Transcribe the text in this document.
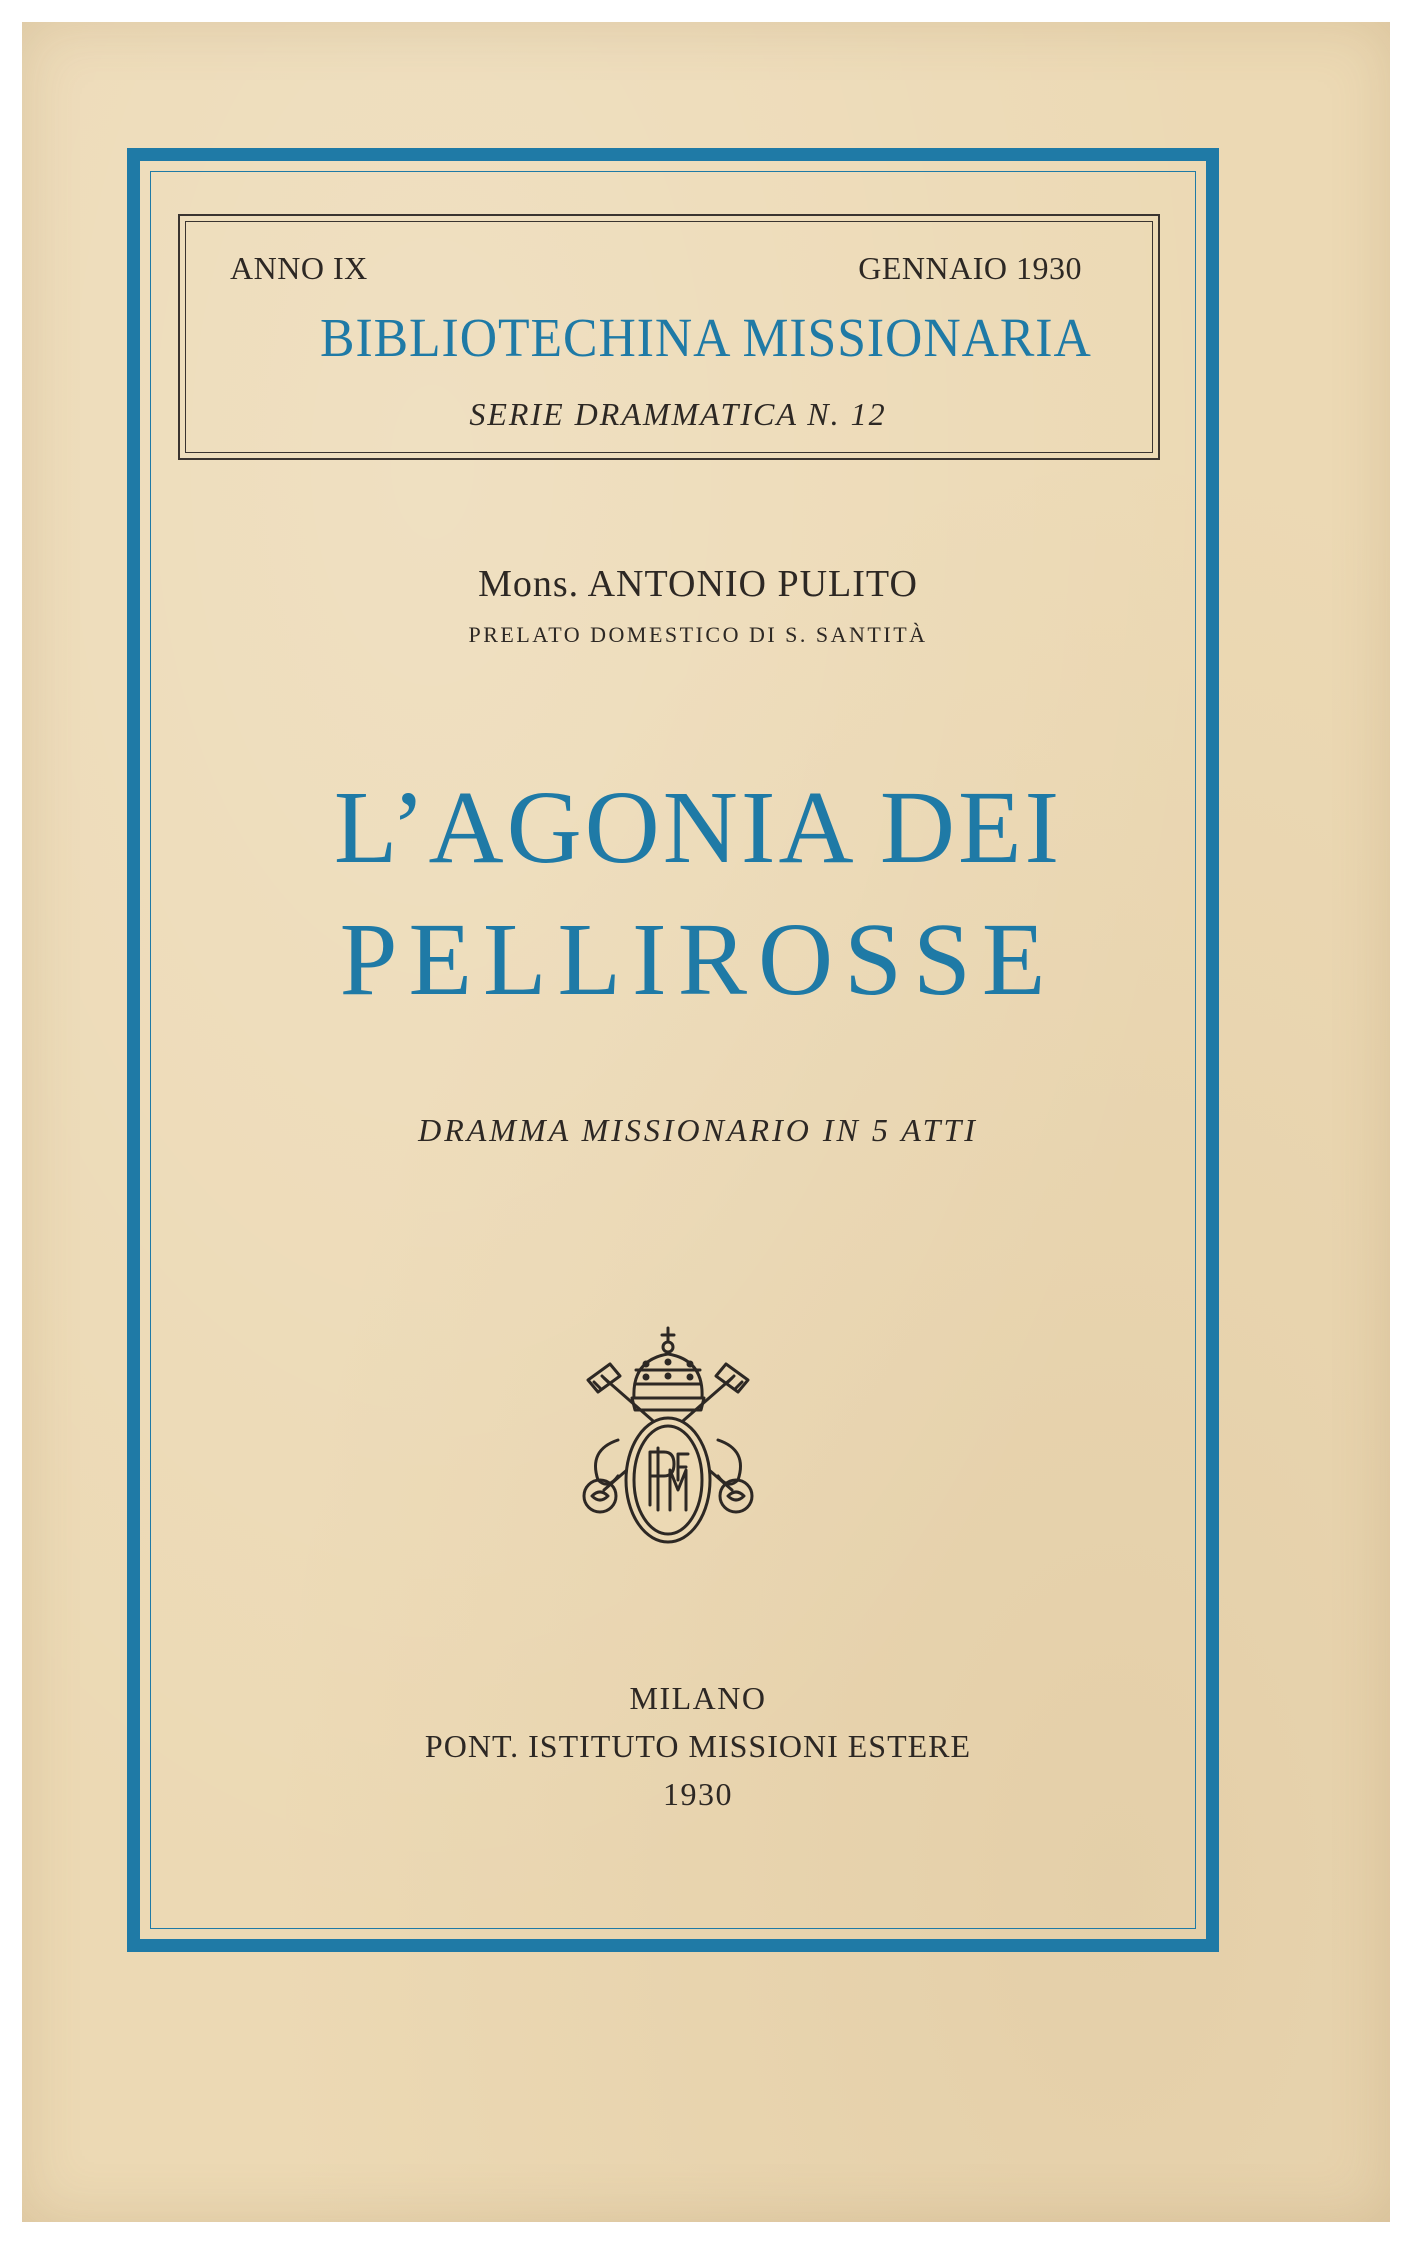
ANNO IX	GENNAIO 1930
BIBLIOTECHINA MISSIONARIA
SERIE DRAMMATICA N. 12
Mons. ANTONIO PULITO
PRELATO DOMESTICO DI S. SANTITÀ
L’AGONIA DEI
PELLIROSSE
DRAMMA MISSIONARIO IN 5 ATTI
MILANO
PONT. ISTITUTO MISSIONI ESTERE
1930
